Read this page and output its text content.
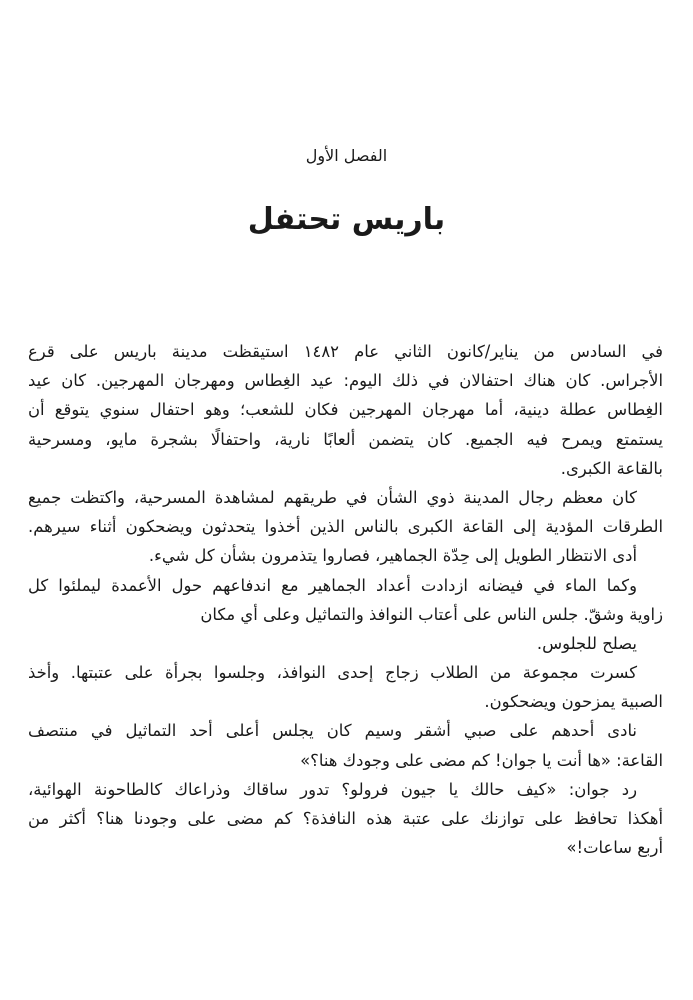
الفصل الأول
باريس تحتفل
في السادس من يناير/كانون الثاني عام ١٤٨٢ استيقظت مدينة باريس على قرع
الأجراس. كان هناك احتفالان في ذلك اليوم: عيد الغِطاس ومهرجان المهرجين. كان عيد
الغِطاس عطلة دينية، أما مهرجان المهرجين فكان للشعب؛ وهو احتفال سنوي يتوقع أن
يستمتع ويمرح فيه الجميع. كان يتضمن ألعابًا نارية، واحتفالًا بشجرة مايو، ومسرحية
بالقاعة الكبرى.
كان معظم رجال المدينة ذوي الشأن في طريقهم لمشاهدة المسرحية، واكتظت جميع
الطرقات المؤدية إلى القاعة الكبرى بالناس الذين أخذوا يتحدثون ويضحكون أثناء سيرهم.
أدى الانتظار الطويل إلى حِدّة الجماهير، فصاروا يتذمرون بشأن كل شيء.
وكما الماء في فيضانه ازدادت أعداد الجماهير مع اندفاعهم حول الأعمدة ليملئوا كل
زاوية وشقّ. جلس الناس على أعتاب النوافذ والتماثيل وعلى أي مكان
يصلح للجلوس.
كسرت مجموعة من الطلاب زجاج إحدى النوافذ، وجلسوا بجرأة على عتبتها. وأخذ
الصبية يمزحون ويضحكون.
نادى أحدهم على صبي أشقر وسيم كان يجلس أعلى أحد التماثيل في منتصف
القاعة: «ها أنت يا جوان! كم مضى على وجودك هنا؟»
رد جوان: «كيف حالك يا جيون فرولو؟ تدور ساقاك وذراعاك كالطاحونة الهوائية،
أهكذا تحافظ على توازنك على عتبة هذه النافذة؟ كم مضى على وجودنا هنا؟ أكثر من
أربع ساعات!»
